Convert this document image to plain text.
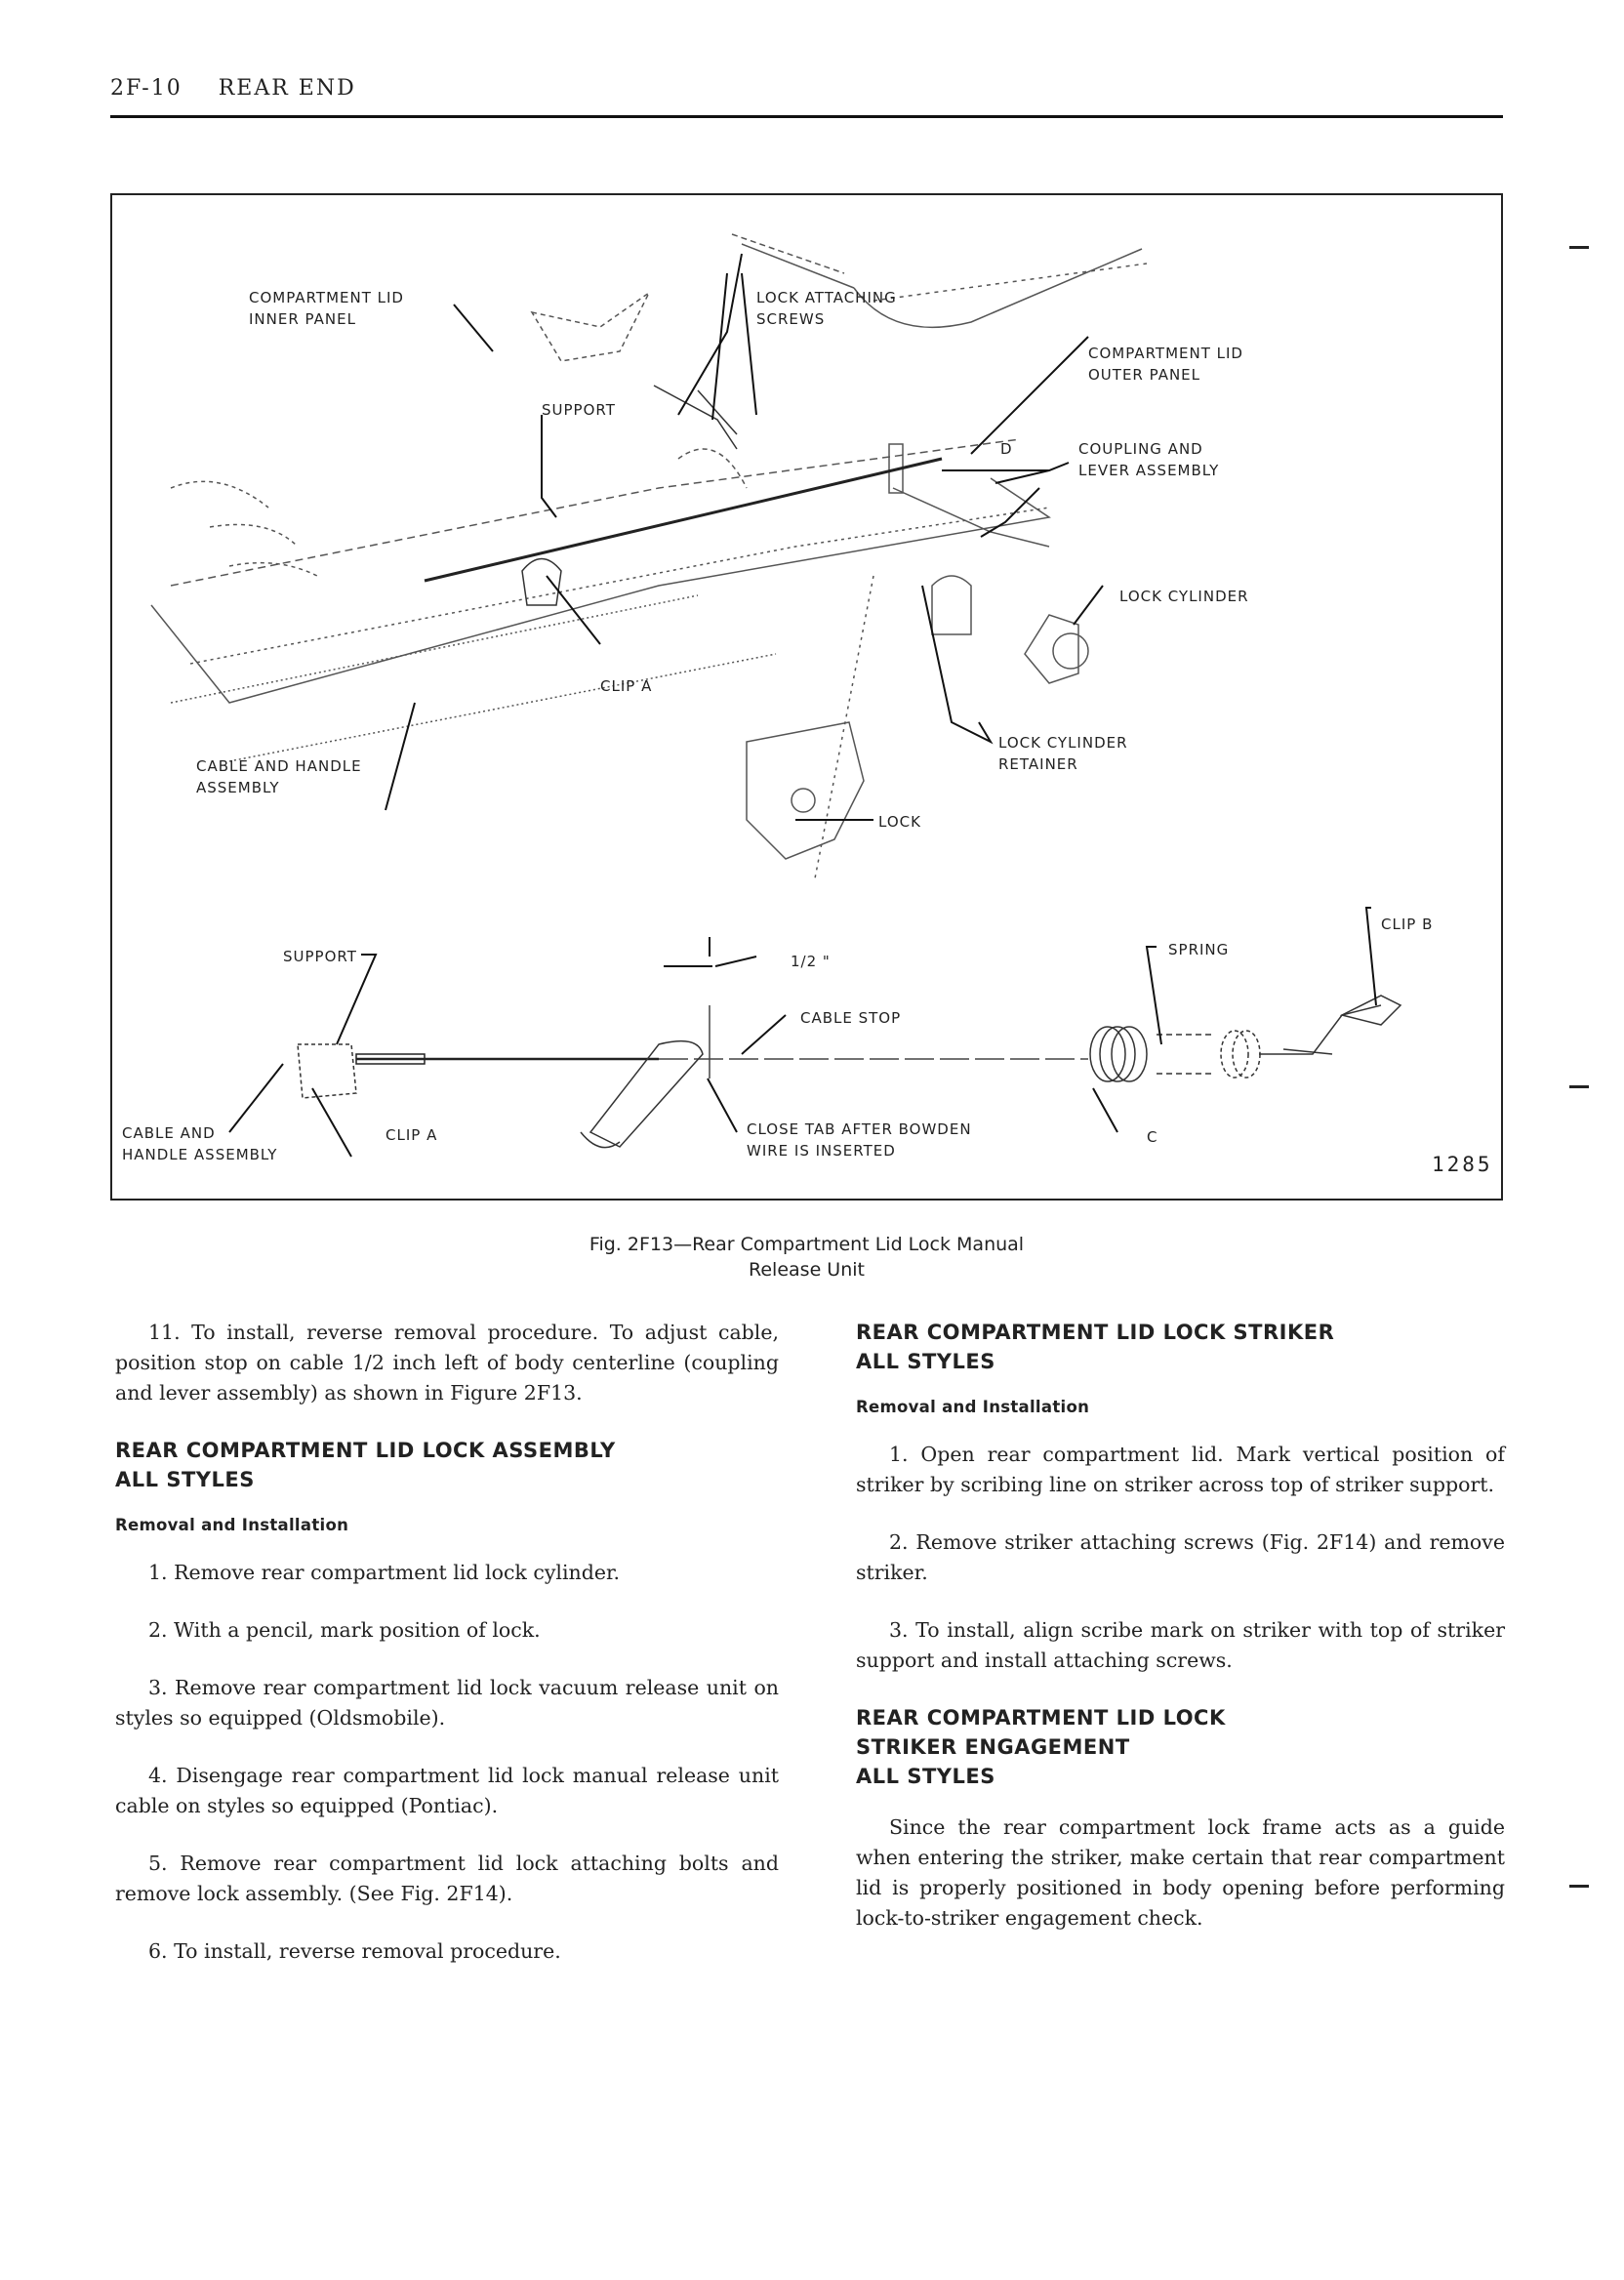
2F-10 REAR END
COMPARTMENT LID
INNER PANEL
LOCK ATTACHING
SCREWS
COMPARTMENT LID
OUTER PANEL
SUPPORT
D	COUPLING AND
LEVER ASSEMBLY
LOCK CYLINDER
CLIP A
LOCK CYLINDER
RETAINER
CABLE AND HANDLE
ASSEMBLY
LOCK
SUPPORT	1/2 "
SPRING
CLIP B
CABLE STOP
CABLE AND
HANDLE ASSEMBLY
CLIP A	CLOSE TAB AFTER BOWDEN
WIRE IS INSERTED
C
1285
Fig. 2F13—Rear Compartment Lid Lock Manual
Release Unit

11. To install, reverse removal procedure. To adjust cable, position stop on cable 1/2 inch left of body centerline (coupling and lever assembly) as shown in Figure 2F13.

REAR COMPARTMENT LID LOCK ASSEMBLY
ALL STYLES
Removal and Installation

1. Remove rear compartment lid lock cylinder.

2. With a pencil, mark position of lock.

3. Remove rear compartment lid lock vacuum release unit on styles so equipped (Oldsmobile).

4. Disengage rear compartment lid lock manual release unit cable on styles so equipped (Pontiac).

5. Remove rear compartment lid lock attaching bolts and remove lock assembly. (See Fig. 2F14).

6. To install, reverse removal procedure.

REAR COMPARTMENT LID LOCK STRIKER
ALL STYLES
Removal and Installation

1. Open rear compartment lid. Mark vertical position of striker by scribing line on striker across top of striker support.

2. Remove striker attaching screws (Fig. 2F14) and remove striker.

3. To install, align scribe mark on striker with top of striker support and install attaching screws.

REAR COMPARTMENT LID LOCK
STRIKER ENGAGEMENT
ALL STYLES

Since the rear compartment lock frame acts as a guide when entering the striker, make certain that rear compartment lid is properly positioned in body opening before performing lock-to-striker engagement check.
